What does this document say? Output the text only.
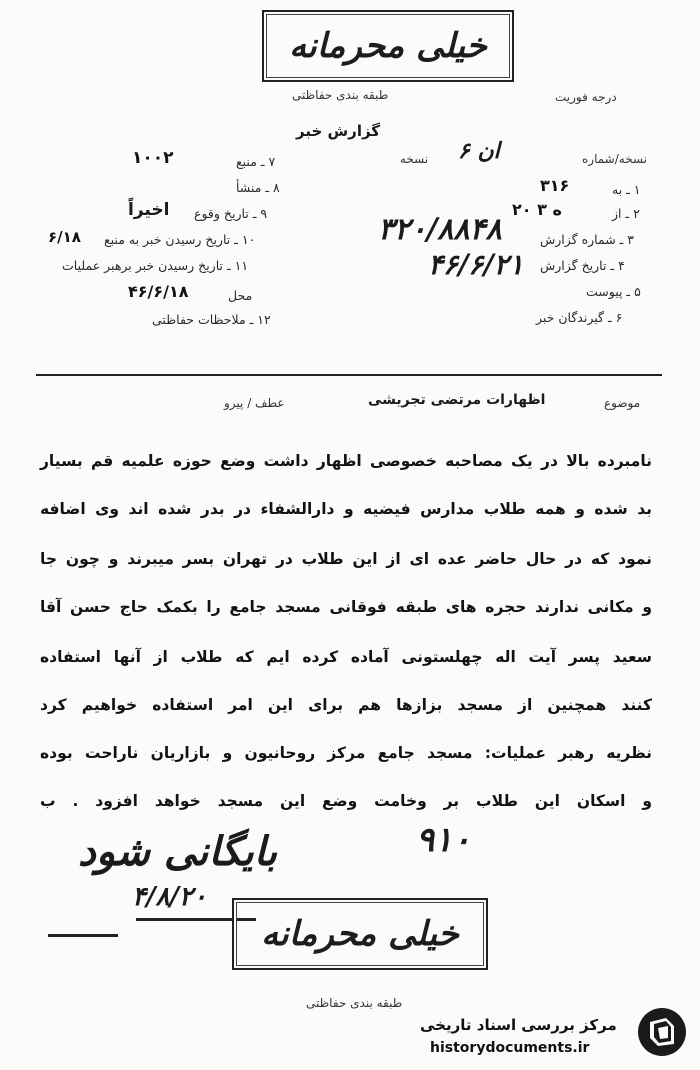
خیلی محرمانه
طبقه بندی حفاظتی	درجه فوریت
گزارش خبر
نسخه/شماره
ان ۶
نسخه
۱ ـ به
۳۱۶
۲ ـ از
۲۰ ه ۳
۳ ـ شماره گزارش
۳۲۰/۸۸۴۸
۴ ـ تاریخ گزارش
۴۶/۶/۲۱
۵ ـ پیوست
۶ ـ گیرندگان خبر
۷ ـ منبع
۱۰۰۲
۸ ـ منشأ
۹ ـ تاریخ وقوع
اخیراً
۱۰ ـ تاریخ رسیدن خبر به منبع
۶/۱۸
۱۱ ـ تاریخ رسیدن خبر برهبر عملیات
محل
۴۶/۶/۱۸
۱۲ ـ ملاحظات حفاظتی
موضوع
اظهارات مرتضی تجریشی
عطف / پیرو

نامبرده بالا در یک مصاحبه خصوصی اظهار داشت وضع حوزه علمیه قم بسیار

بد شده و همه طلاب مدارس فیضیه و دارالشفاء در بدر شده اند وی اضافه

نمود که در حال حاضر عده ای از این طلاب در تهران بسر میبرند و چون جا

و مکانی ندارند حجره های طبقه فوقانی مسجد جامع را بکمک حاج حسن آقا

سعید پسر آیت اله چهلستونی آماده کرده ایم که طلاب از آنها استفاده

کنند همچنین از مسجد بزازها هم برای این امر استفاده خواهیم کرد

نظریه رهبر عملیات: مسجد جامع مرکز روحانیون و بازاریان ناراحت بوده

و اسکان این طلاب بر وخامت وضع این مسجد خواهد افزود . ب

۹۱۰
بایگانی شود
۴/۸/۲۰
خیلی محرمانه
طبقه بندی حفاظتی
مرکز بررسی اسناد تاریخی
historydocuments.ir
